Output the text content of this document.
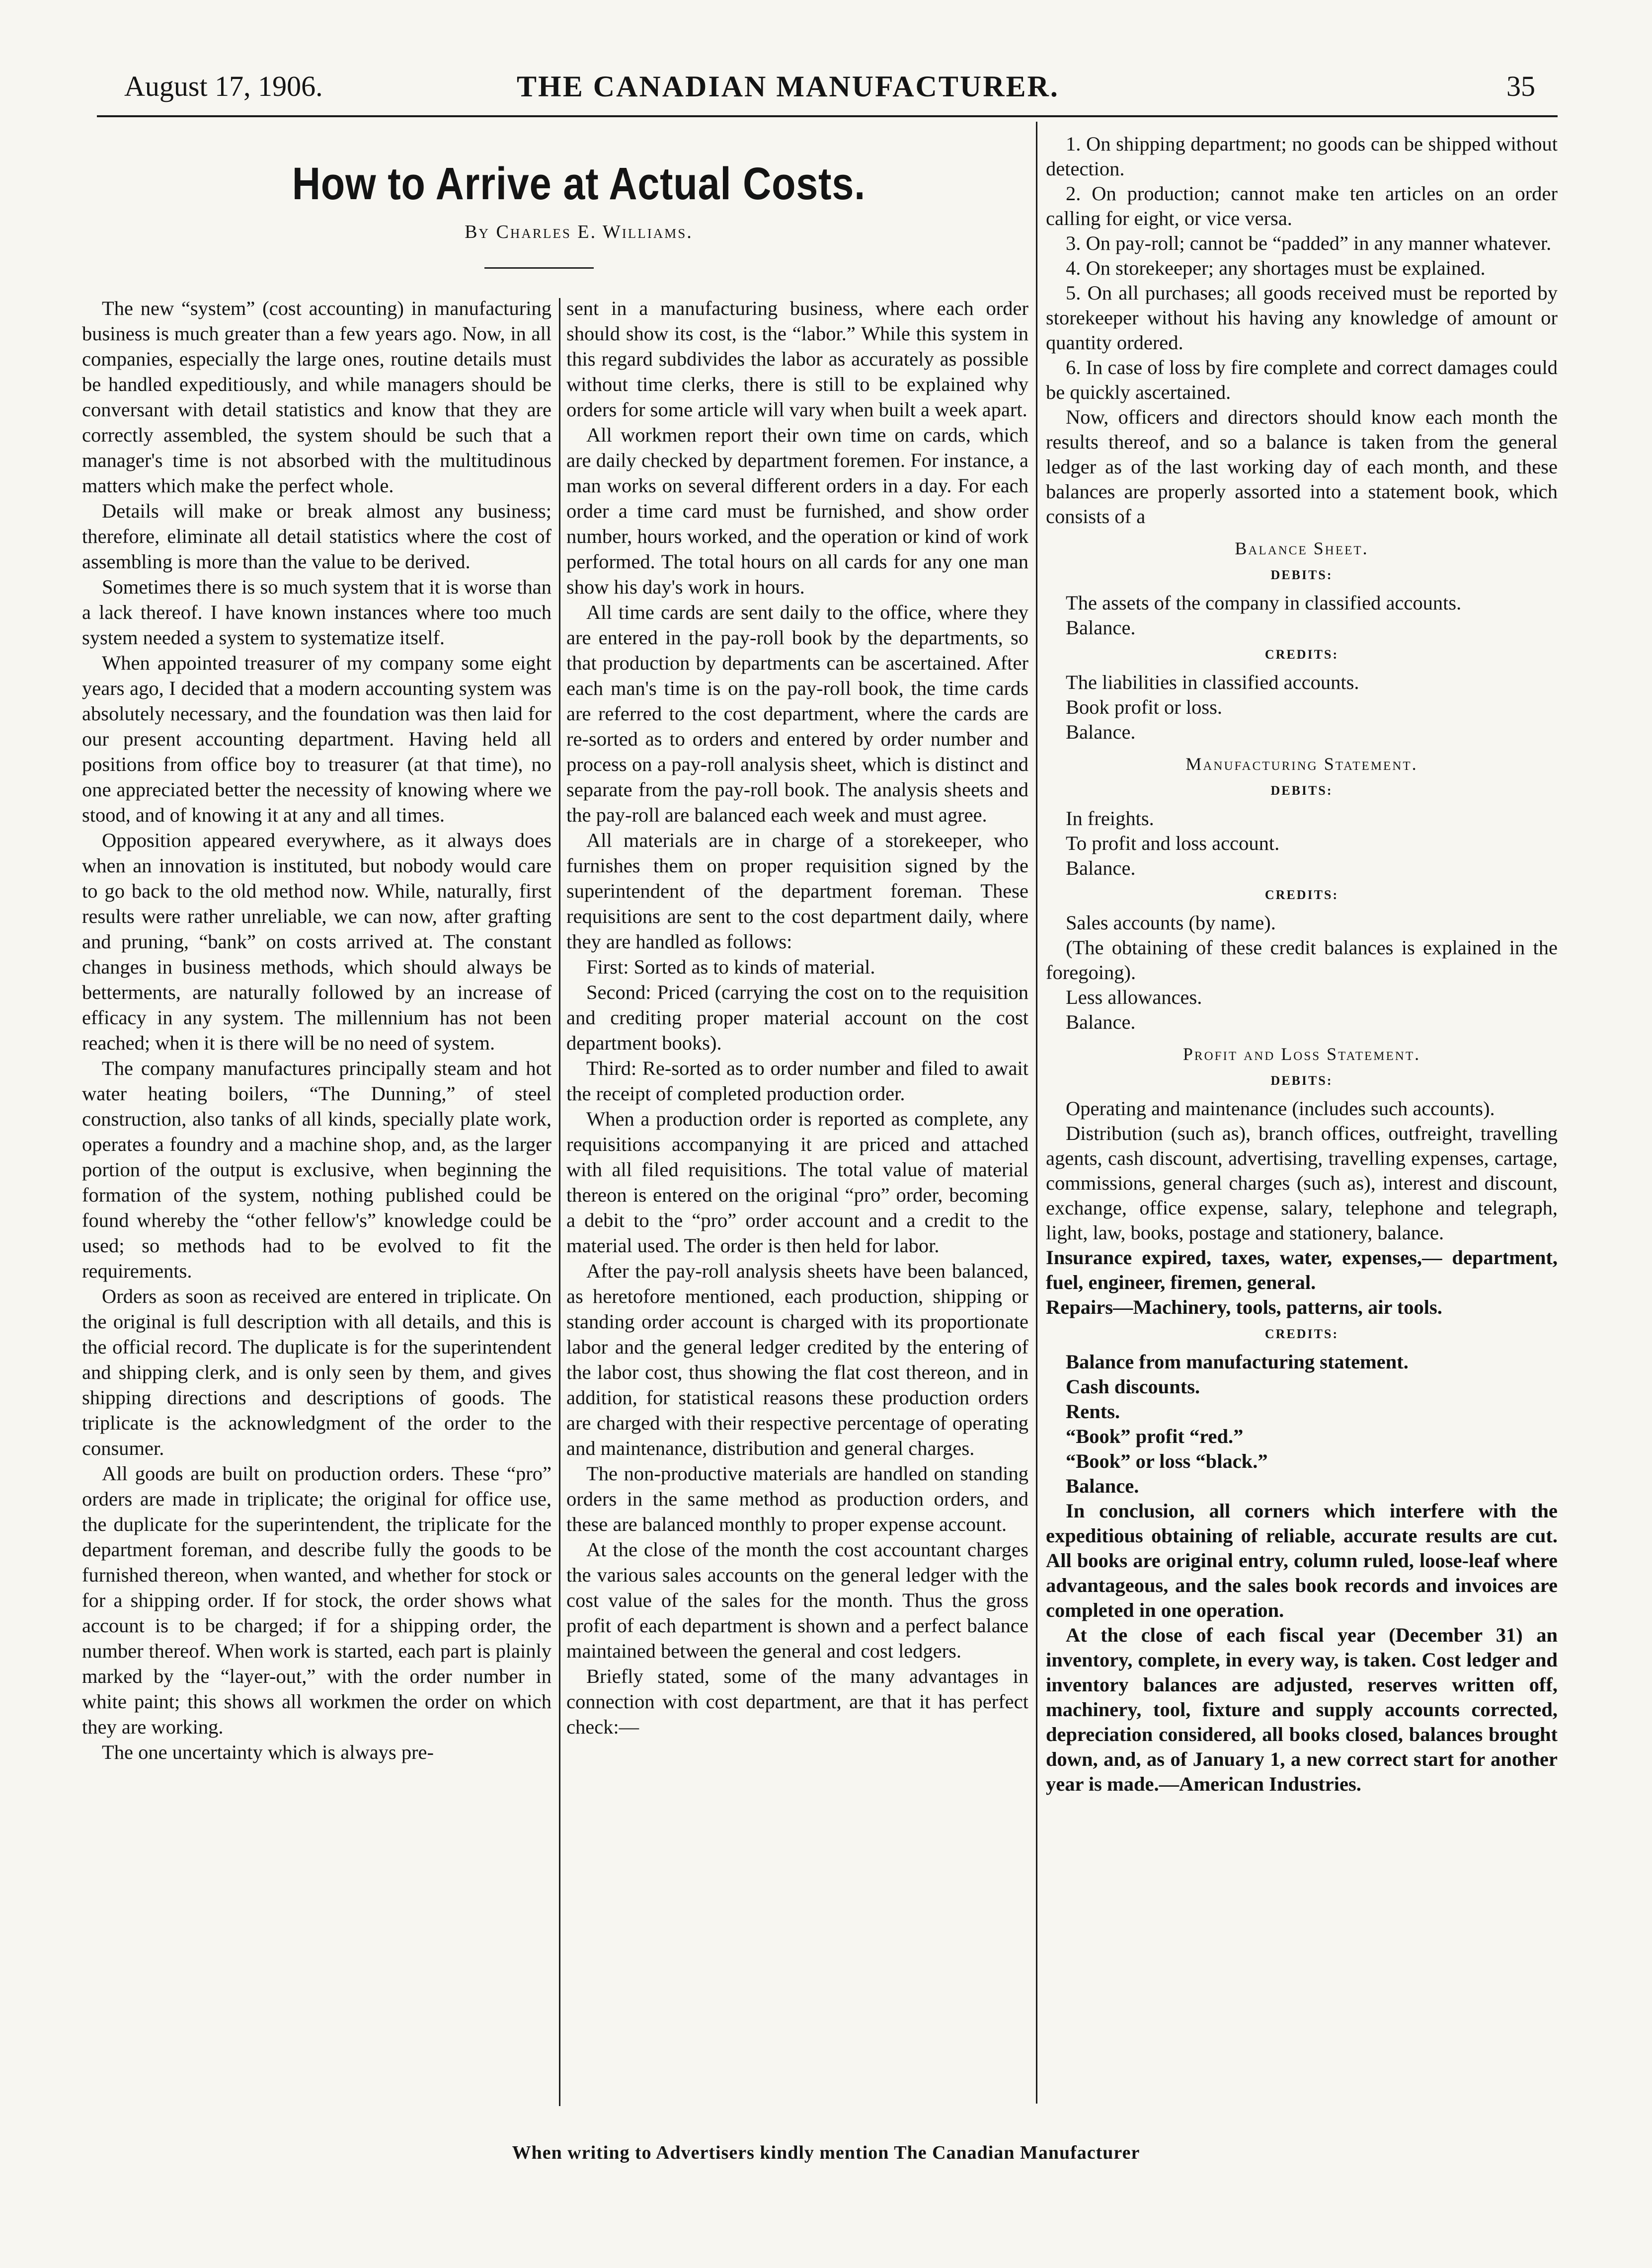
August 17, 1906.	THE CANADIAN MANUFACTURER.	35
How to Arrive at Actual Costs.
By Charles E. Williams.

The new “system” (cost accounting) in manufacturing business is much greater than a few years ago. Now, in all companies, especially the large ones, routine details must be handled expeditiously, and while managers should be conversant with detail statistics and know that they are correctly assembled, the system should be such that a manager's time is not absorbed with the multitudinous matters which make the perfect whole.

Details will make or break almost any business; therefore, eliminate all detail statistics where the cost of assembling is more than the value to be derived.

Sometimes there is so much system that it is worse than a lack thereof. I have known instances where too much system needed a system to systematize itself.

When appointed treasurer of my company some eight years ago, I decided that a modern accounting system was absolutely necessary, and the foundation was then laid for our present accounting department. Having held all positions from office boy to treasurer (at that time), no one appreciated better the necessity of knowing where we stood, and of knowing it at any and all times.

Opposition appeared everywhere, as it always does when an innovation is instituted, but nobody would care to go back to the old method now. While, naturally, first results were rather unreliable, we can now, after grafting and pruning, “bank” on costs arrived at. The constant changes in business methods, which should always be betterments, are naturally followed by an increase of efficacy in any system. The millennium has not been reached; when it is there will be no need of system.

The company manufactures principally steam and hot water heating boilers, “The Dunning,” of steel construction, also tanks of all kinds, specially plate work, operates a foundry and a machine shop, and, as the larger portion of the output is exclusive, when beginning the formation of the system, nothing published could be found whereby the “other fellow's” knowledge could be used; so methods had to be evolved to fit the requirements.

Orders as soon as received are entered in triplicate. On the original is full description with all details, and this is the official record. The duplicate is for the superintendent and shipping clerk, and is only seen by them, and gives shipping directions and descriptions of goods. The triplicate is the acknowledgment of the order to the consumer.

All goods are built on production orders. These “pro” orders are made in triplicate; the original for office use, the duplicate for the superintendent, the triplicate for the department foreman, and describe fully the goods to be furnished thereon, when wanted, and whether for stock or for a shipping order. If for stock, the order shows what account is to be charged; if for a shipping order, the number thereof. When work is started, each part is plainly marked by the “layer-out,” with the order number in white paint; this shows all workmen the order on which they are working.

The one uncertainty which is always pre-

sent in a manufacturing business, where each order should show its cost, is the “labor.” While this system in this regard subdivides the labor as accurately as possible without time clerks, there is still to be explained why orders for some article will vary when built a week apart.

All workmen report their own time on cards, which are daily checked by department foremen. For instance, a man works on several different orders in a day. For each order a time card must be furnished, and show order number, hours worked, and the operation or kind of work performed. The total hours on all cards for any one man show his day's work in hours.

All time cards are sent daily to the office, where they are entered in the pay-roll book by the departments, so that production by departments can be ascertained. After each man's time is on the pay-roll book, the time cards are referred to the cost department, where the cards are re-sorted as to orders and entered by order number and process on a pay-roll analysis sheet, which is distinct and separate from the pay-roll book. The analysis sheets and the pay-roll are balanced each week and must agree.

All materials are in charge of a storekeeper, who furnishes them on proper requisition signed by the superintendent of the department foreman. These requisitions are sent to the cost department daily, where they are handled as follows:

First: Sorted as to kinds of material.

Second: Priced (carrying the cost on to the requisition and crediting proper material account on the cost department books).

Third: Re-sorted as to order number and filed to await the receipt of completed production order.

When a production order is reported as complete, any requisitions accompanying it are priced and attached with all filed requisitions. The total value of material thereon is entered on the original “pro” order, becoming a debit to the “pro” order account and a credit to the material used. The order is then held for labor.

After the pay-roll analysis sheets have been balanced, as heretofore mentioned, each production, shipping or standing order account is charged with its proportionate labor and the general ledger credited by the entering of the labor cost, thus showing the flat cost thereon, and in addition, for statistical reasons these production orders are charged with their respective percentage of operating and maintenance, distribution and general charges.

The non-productive materials are handled on standing orders in the same method as production orders, and these are balanced monthly to proper expense account.

At the close of the month the cost accountant charges the various sales accounts on the general ledger with the cost value of the sales for the month. Thus the gross profit of each department is shown and a perfect balance maintained between the general and cost ledgers.

Briefly stated, some of the many advantages in connection with cost department, are that it has perfect check:—

1. On shipping department; no goods can be shipped without detection.

2. On production; cannot make ten articles on an order calling for eight, or vice versa.

3. On pay-roll; cannot be “padded” in any manner whatever.

4. On storekeeper; any shortages must be explained.

5. On all purchases; all goods received must be reported by storekeeper without his having any knowledge of amount or quantity ordered.

6. In case of loss by fire complete and correct damages could be quickly ascertained.

Now, officers and directors should know each month the results thereof, and so a balance is taken from the general ledger as of the last working day of each month, and these balances are properly assorted into a statement book, which consists of a

Balance Sheet.
DEBITS:

The assets of the company in classified accounts.

Balance.

CREDITS:

The liabilities in classified accounts.

Book profit or loss.

Balance.

Manufacturing Statement.
DEBITS:

In freights.

To profit and loss account.

Balance.

CREDITS:

Sales accounts (by name).

(The obtaining of these credit balances is explained in the foregoing).

Less allowances.

Balance.

Profit and Loss Statement.
DEBITS:

Operating and maintenance (includes such accounts).

Distribution (such as), branch offices, outfreight, travelling agents, cash discount, advertising, travelling expenses, cartage, commissions, general charges (such as), interest and discount, exchange, office expense, salary, telephone and telegraph, light, law, books, postage and stationery, balance.

Insurance expired, taxes, water, expenses,— department, fuel, engineer, firemen, general.

Repairs—Machinery, tools, patterns, air tools.

CREDITS:

Balance from manufacturing statement.

Cash discounts.

Rents.

“Book” profit “red.”

“Book” or loss “black.”

Balance.

In conclusion, all corners which interfere with the expeditious obtaining of reliable, accurate results are cut. All books are original entry, column ruled, loose-leaf where advantageous, and the sales book records and invoices are completed in one operation.

At the close of each fiscal year (December 31) an inventory, complete, in every way, is taken. Cost ledger and inventory balances are adjusted, reserves written off, machinery, tool, fixture and supply accounts corrected, depreciation considered, all books closed, balances brought down, and, as of January 1, a new correct start for another year is made.—American Industries.

When writing to Advertisers kindly mention The Canadian Manufacturer
